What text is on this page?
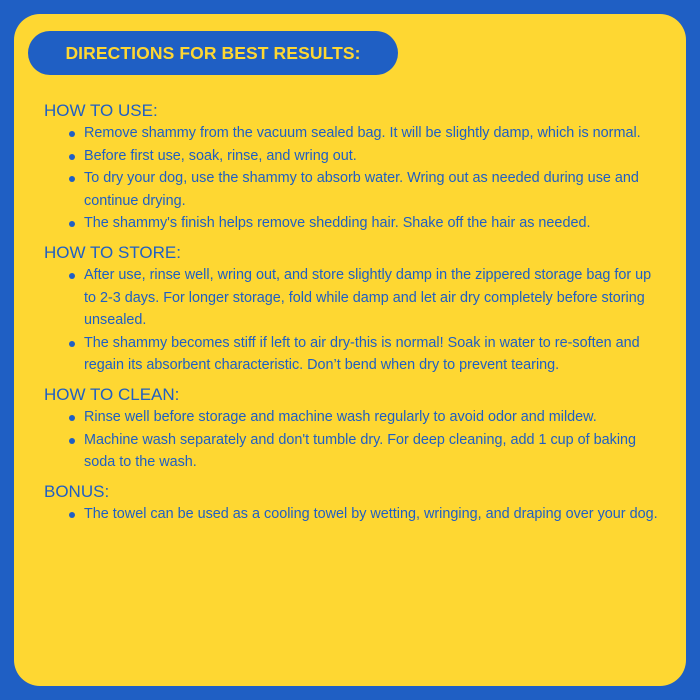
DIRECTIONS FOR BEST RESULTS:
HOW TO USE:
Remove shammy from the vacuum sealed bag. It will be slightly damp, which is normal.
Before first use, soak, rinse, and wring out.
To dry your dog, use the shammy to absorb water. Wring out as needed during use and continue drying.
The shammy's finish helps remove shedding hair. Shake off the hair as needed.
HOW TO STORE:
After use, rinse well, wring out, and store slightly damp in the zippered storage bag for up to 2-3 days. For longer storage, fold while damp and let air dry completely before storing unsealed.
The shammy becomes stiff if left to air dry-this is normal! Soak in water to re-soften and regain its absorbent characteristic. Don’t bend when dry to prevent tearing.
HOW TO CLEAN:
Rinse well before storage and machine wash regularly to avoid odor and mildew.
Machine wash separately and don't tumble dry. For deep cleaning, add 1 cup of baking soda to the wash.
BONUS:
The towel can be used as a cooling towel by wetting, wringing, and draping over your dog.
